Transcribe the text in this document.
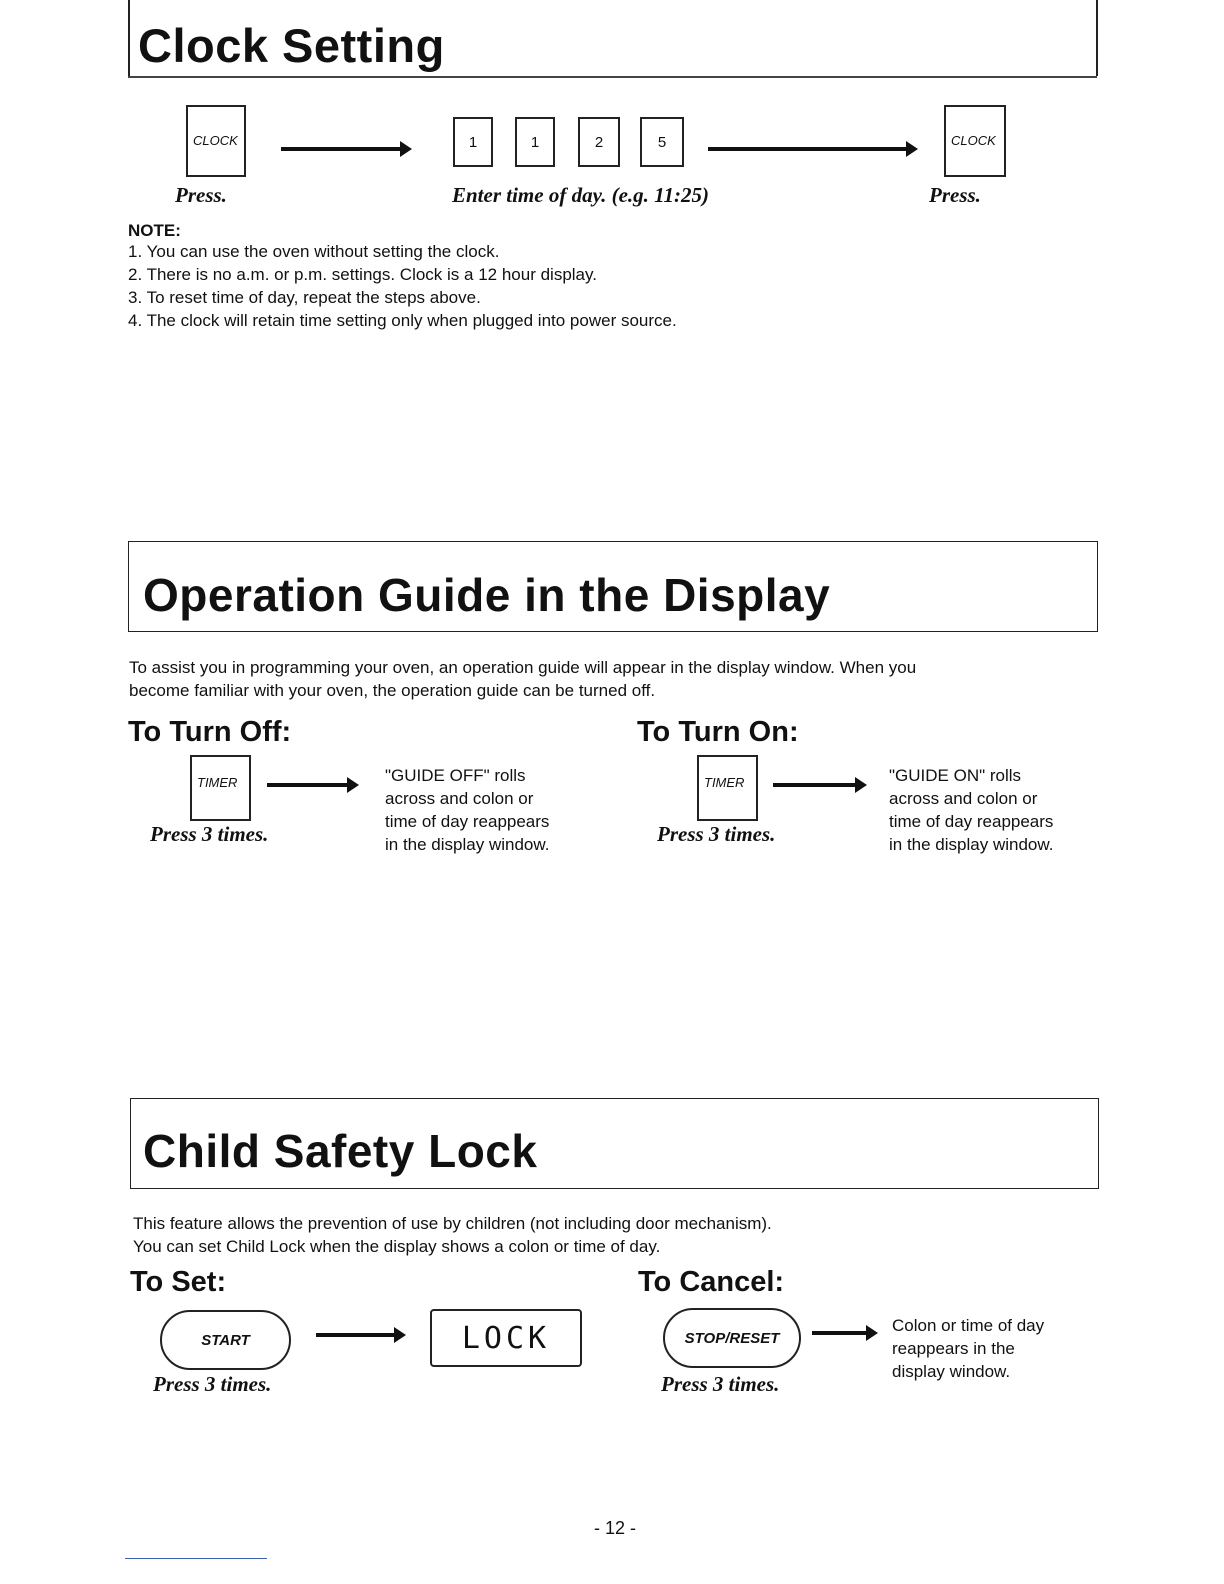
Clock Setting
CLOCK	1	1	2	5	CLOCK
Press.	Enter time of day. (e.g. 11:25)	Press.
NOTE:
1. You can use the oven without setting the clock.
2. There is no a.m. or p.m. settings. Clock is a 12 hour display.
3. To reset time of day, repeat the steps above.
4. The clock will retain time setting only when plugged into power source.
Operation Guide in the Display
To assist you in programming your oven, an operation guide will appear in the display window. When you
become familiar with your oven, the operation guide can be turned off.
To Turn Off:
TIMER
Press 3 times.
"GUIDE OFF" rolls
across and colon or
time of day reappears
in the display window.
To Turn On:
TIMER
Press 3 times.
"GUIDE ON" rolls
across and colon or
time of day reappears
in the display window.
Child Safety Lock
This feature allows the prevention of use by children (not including door mechanism).
You can set Child Lock when the display shows a colon or time of day.
To Set:
START	LOCK
Press 3 times.
To Cancel:
STOP/RESET
Press 3 times.
Colon or time of day
reappears in the
display window.
- 12 -
